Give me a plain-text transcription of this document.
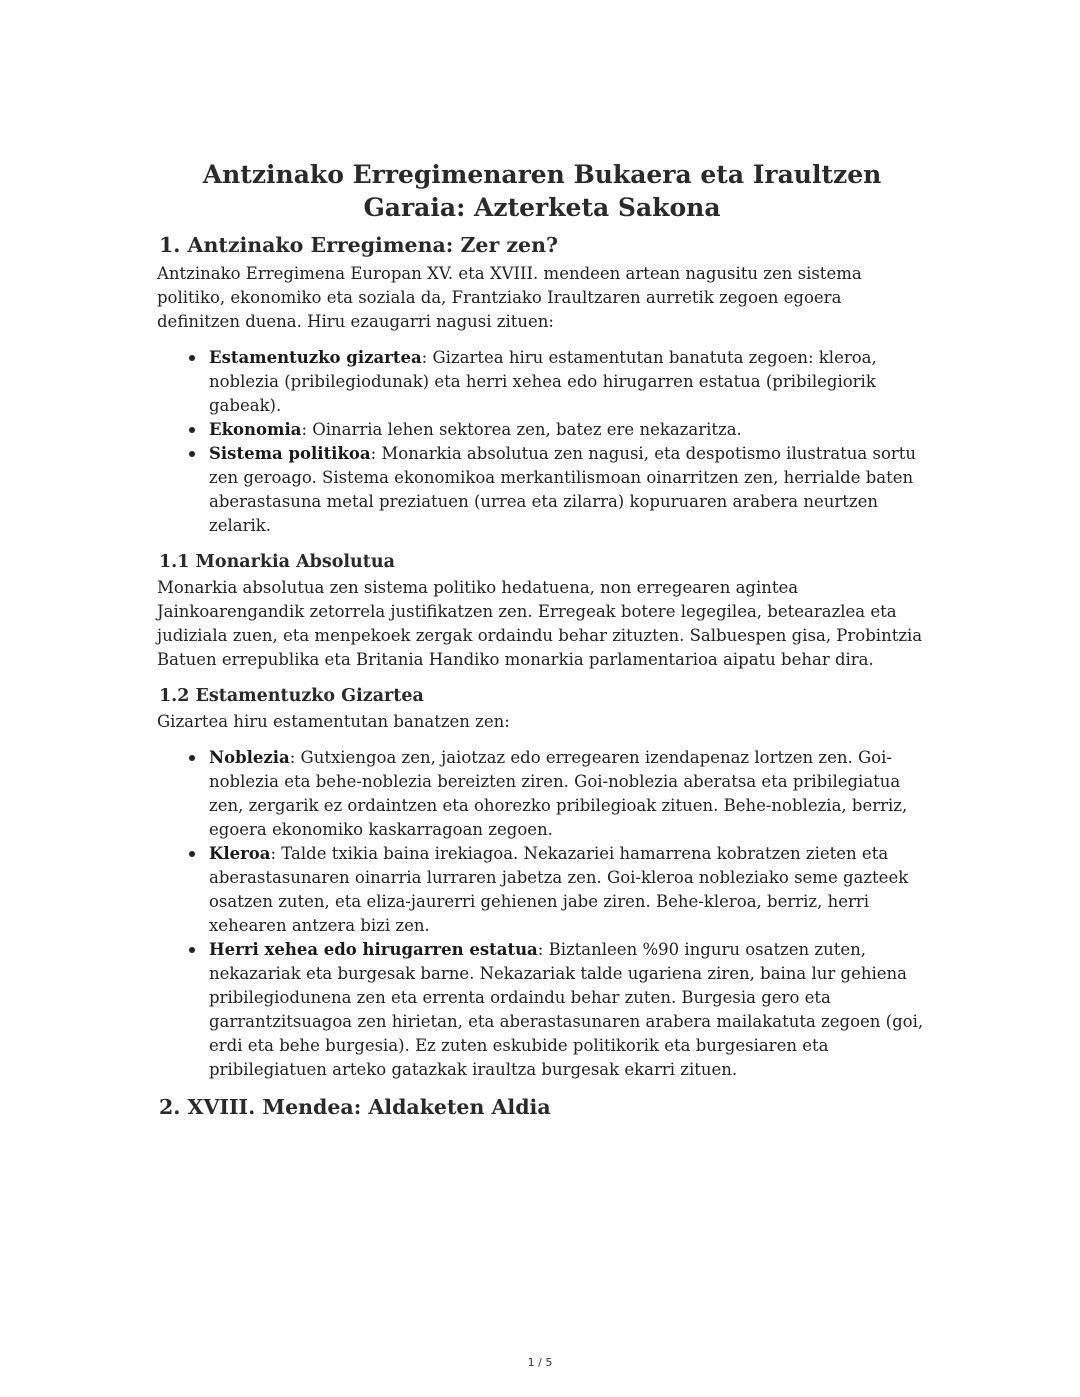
Antzinako Erregimenaren Bukaera eta Iraultzen Garaia: Azterketa Sakona
1. Antzinako Erregimena: Zer zen?

Antzinako Erregimena Europan XV. eta XVIII. mendeen artean nagusitu zen sistema politiko, ekonomiko eta soziala da, Frantziako Iraultzaren aurretik zegoen egoera definitzen duena. Hiru ezaugarri nagusi zituen:

Estamentuzko gizartea: Gizartea hiru estamentutan banatuta zegoen: kleroa, noblezia (pribilegiodunak) eta herri xehea edo hirugarren estatua (pribilegiorik gabeak).
Ekonomia: Oinarria lehen sektorea zen, batez ere nekazaritza.
Sistema politikoa: Monarkia absolutua zen nagusi, eta despotismo ilustratua sortu zen geroago. Sistema ekonomikoa merkantilismoan oinarritzen zen, herrialde baten aberastasuna metal preziatuen (urrea eta zilarra) kopuruaren arabera neurtzen zelarik.
1.1 Monarkia Absolutua

Monarkia absolutua zen sistema politiko hedatuena, non erregearen agintea Jainkoarengandik zetorrela justifikatzen zen. Erregeak botere legegilea, betearazlea eta judiziala zuen, eta menpekoek zergak ordaindu behar zituzten. Salbuespen gisa, Probintzia Batuen errepublika eta Britania Handiko monarkia parlamentarioa aipatu behar dira.

1.2 Estamentuzko Gizartea

Gizartea hiru estamentutan banatzen zen:

Noblezia: Gutxiengoa zen, jaiotzaz edo erregearen izendapenaz lortzen zen. Goi-noblezia eta behe-noblezia bereizten ziren. Goi-noblezia aberatsa eta pribilegiatua zen, zergarik ez ordaintzen eta ohorezko pribilegioak zituen. Behe-noblezia, berriz, egoera ekonomiko kaskarragoan zegoen.
Kleroa: Talde txikia baina irekiagoa. Nekazariei hamarrena kobratzen zieten eta aberastasunaren oinarria lurraren jabetza zen. Goi-kleroa nobleziako seme gazteek osatzen zuten, eta eliza-jaurerri gehienen jabe ziren. Behe-kleroa, berriz, herri xehearen antzera bizi zen.
Herri xehea edo hirugarren estatua: Biztanleen %90 inguru osatzen zuten, nekazariak eta burgesak barne. Nekazariak talde ugariena ziren, baina lur gehiena pribilegiodunena zen eta errenta ordaindu behar zuten. Burgesia gero eta garrantzitsuagoa zen hirietan, eta aberastasunaren arabera mailakatuta zegoen (goi, erdi eta behe burgesia). Ez zuten eskubide politikorik eta burgesiaren eta pribilegiatuen arteko gatazkak iraultza burgesak ekarri zituen.
2. XVIII. Mendea: Aldaketen Aldia
1 / 5
